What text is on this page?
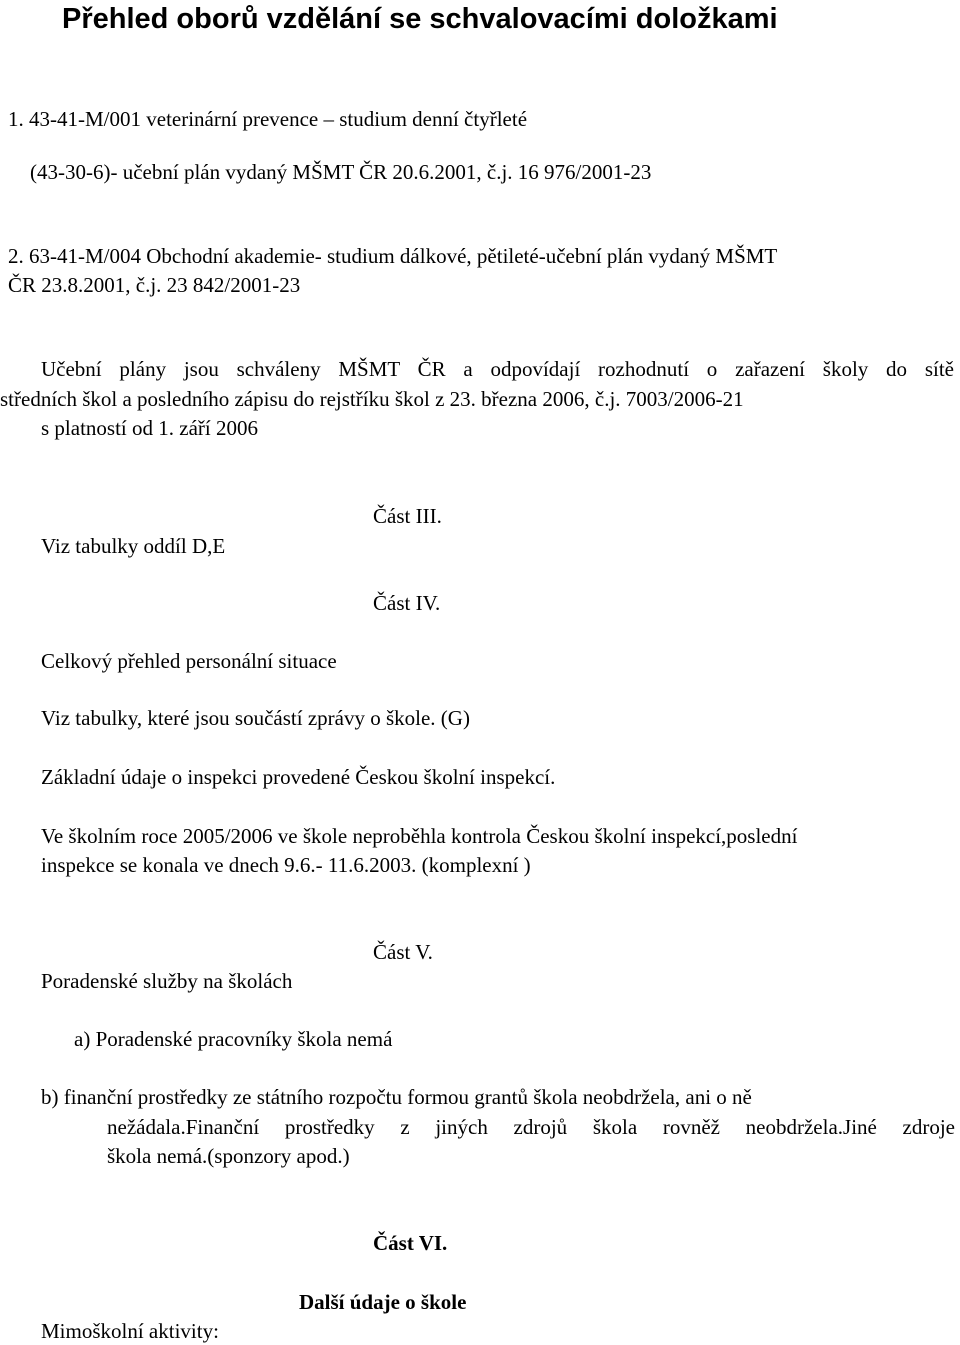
Přehled oborů vzdělání se schvalovacími doložkami
1. 43-41-M/001 veterinární prevence – studium denní čtyřleté
(43-30-6)- učební plán vydaný MŠMT ČR 20.6.2001, č.j. 16 976/2001-23
2. 63-41-M/004 Obchodní akademie- studium dálkové, pětileté-učební plán vydaný MŠMT
ČR 23.8.2001, č.j. 23 842/2001-23
Učební plány jsou schváleny MŠMT ČR a odpovídají rozhodnutí o zařazení školy do sítě
středních škol a posledního zápisu do rejstříku škol z 23. března 2006, č.j. 7003/2006-21
s platností od 1. září 2006
Část III.
Viz tabulky oddíl D,E
Část IV.
Celkový přehled personální situace
Viz tabulky, které jsou součástí zprávy o škole. (G)
Základní údaje o inspekci provedené Českou školní inspekcí.
Ve školním roce 2005/2006 ve škole neproběhla kontrola Českou školní inspekcí,poslední
inspekce se konala ve dnech 9.6.- 11.6.2003. (komplexní )
Část V.
Poradenské služby na školách
a) Poradenské pracovníky škola nemá
b) finanční prostředky ze státního rozpočtu formou grantů škola neobdržela, ani o ně
nežádala.Finanční prostředky z jiných zdrojů škola rovněž neobdržela.Jiné zdroje
škola nemá.(sponzory apod.)
Část VI.
Další údaje o škole
Mimoškolní aktivity:
